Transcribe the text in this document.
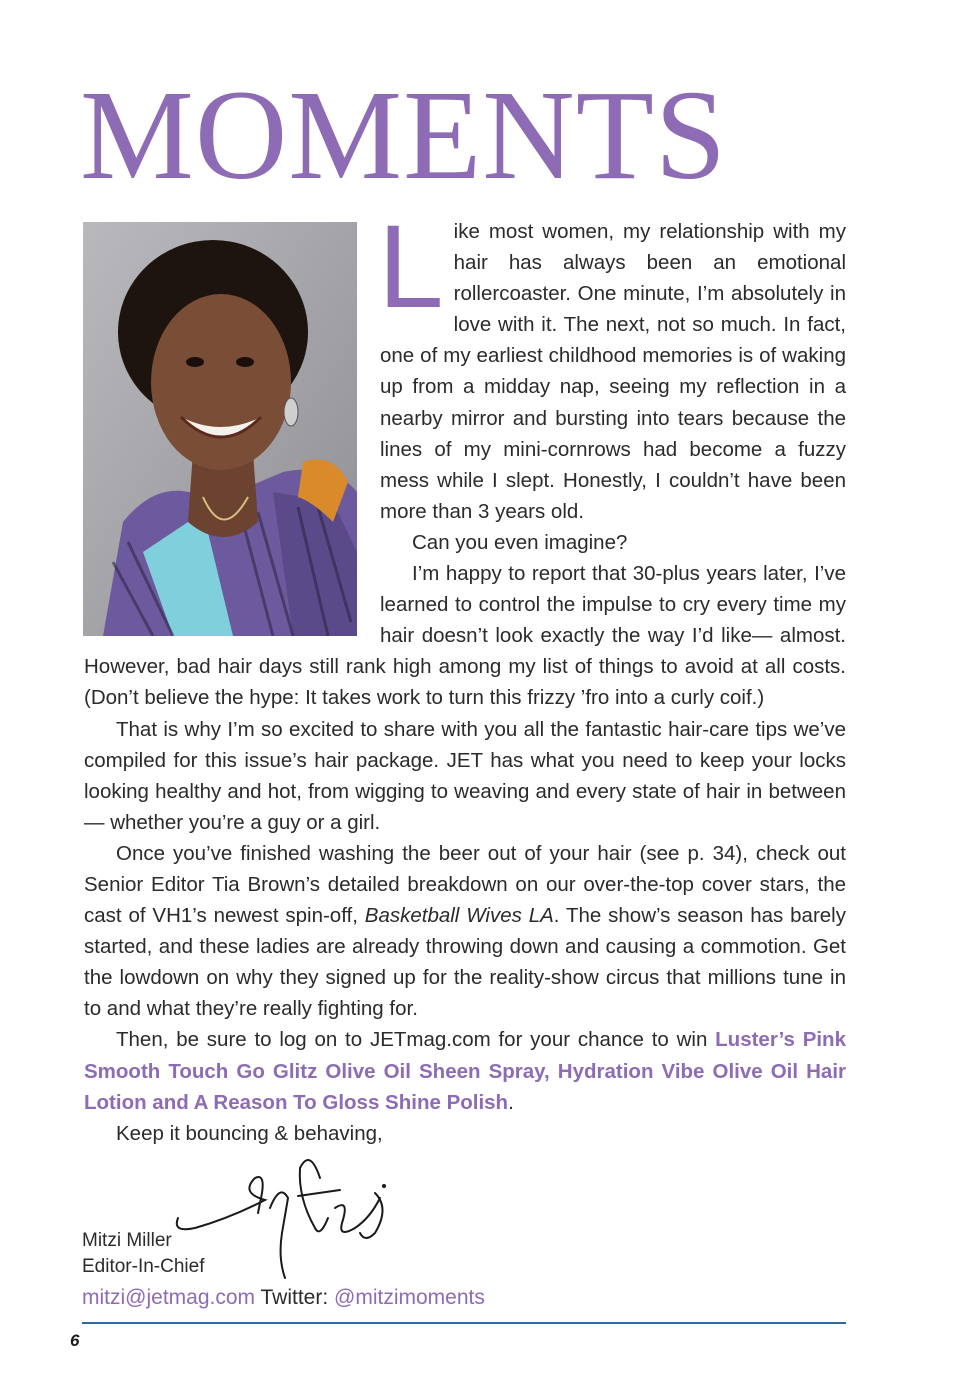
MOMENTS

Like most women, my relationship with my hair has always been an emotional rollercoaster. One minute, I’m absolutely in love with it. The next, not so much. In fact, one of my earliest childhood memories is of waking up from a midday nap, seeing my reflection in a nearby mirror and bursting into tears because the lines of my mini-cornrows had become a fuzzy mess while I slept. Honestly, I couldn’t have been more than 3 years old.

Can you even imagine?

I’m happy to report that 30-plus years later, I’ve learned to control the impulse to cry every time my hair doesn’t look exactly the way I’d like— almost. However, bad hair days still rank high among my list of things to avoid at all costs. (Don’t believe the hype: It takes work to turn this frizzy ’fro into a curly coif.)

That is why I’m so excited to share with you all the fantastic hair-care tips we’ve compiled for this issue’s hair package. JET has what you need to keep your locks looking healthy and hot, from wigging to weaving and every state of hair in between— whether you’re a guy or a girl.

Once you’ve finished washing the beer out of your hair (see p. 34), check out Senior Editor Tia Brown’s detailed breakdown on our over-the-top cover stars, the cast of VH1’s newest spin-off, Basketball Wives LA. The show’s season has barely started, and these ladies are already throwing down and causing a commotion. Get the lowdown on why they signed up for the reality-show circus that millions tune in to and what they’re really fighting for.

Then, be sure to log on to JETmag.com for your chance to win Luster’s Pink Smooth Touch Go Glitz Olive Oil Sheen Spray, Hydration Vibe Olive Oil Hair Lotion and A Reason To Gloss Shine Polish.

Keep it bouncing & behaving,

Mitzi Miller
Editor-In-Chief
mitzi@jetmag.com Twitter: @mitzimoments
6
